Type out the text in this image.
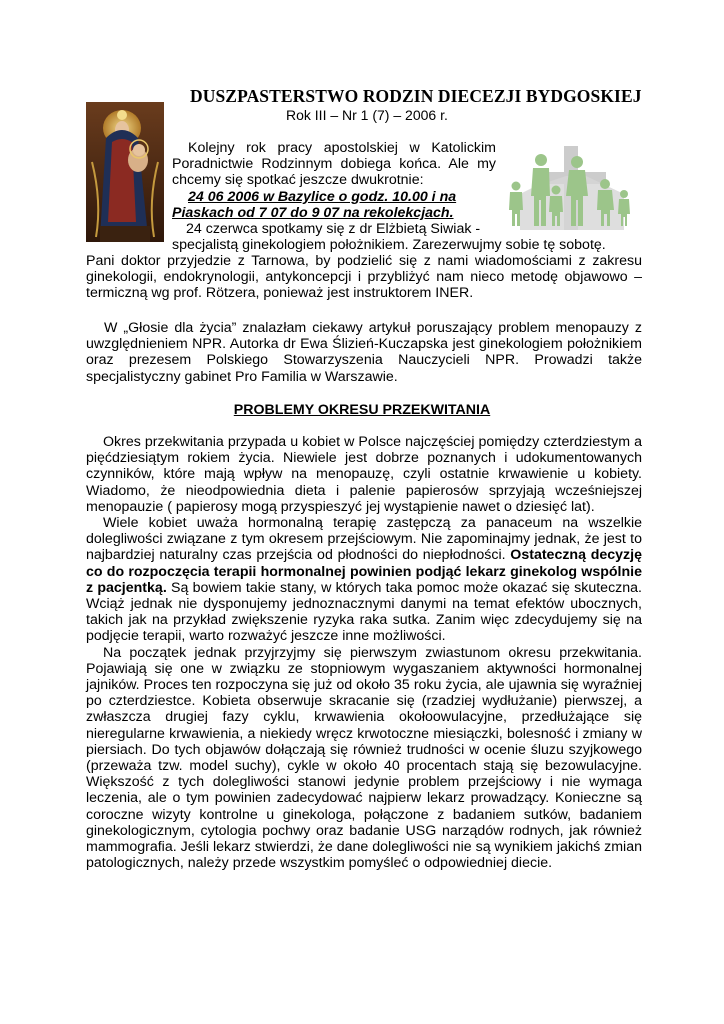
DUSZPASTERSTWO RODZIN DIECEZJI BYDGOSKIEJ
Rok III – Nr 1 (7) – 2006 r.

Kolejny rok pracy apostolskiej w Katolickim Poradnictwie Rodzinnym dobiega końca. Ale my chcemy się spotkać jeszcze dwukrotnie:

24 06 2006 w Bazylice o godz. 10.00 i na
Piaskach od 7 07 do 9 07 na rekolekcjach.

24 czerwca spotkamy się z dr Elżbietą Siwiak -

specjalistą ginekologiem położnikiem. Zarezerwujmy sobie tę sobotę.

Pani doktor przyjedzie z Tarnowa, by podzielić się z nami wiadomościami z zakresu

ginekologii, endokrynologii, antykoncepcji i przybliżyć nam nieco metodę objawowo – termiczną wg prof. Rötzera, ponieważ jest instruktorem INER.

W „Głosie dla życia” znalazłam ciekawy artykuł poruszający problem menopauzy z uwzględnieniem NPR. Autorka dr Ewa Ślizień-Kuczapska jest ginekologiem położnikiem oraz prezesem Polskiego Stowarzyszenia Nauczycieli NPR. Prowadzi także specjalistyczny gabinet Pro Familia w Warszawie.

PROBLEMY OKRESU PRZEKWITANIA

Okres przekwitania przypada u kobiet w Polsce najczęściej pomiędzy czterdziestym a pięćdziesiątym rokiem życia. Niewiele jest dobrze poznanych i udokumentowanych czynników, które mają wpływ na menopauzę, czyli ostatnie krwawienie u kobiety. Wiadomo, że nieodpowiednia dieta i palenie papierosów sprzyjają wcześniejszej menopauzie ( papierosy mogą przyspieszyć jej wystąpienie nawet o dziesięć lat).

Wiele kobiet uważa hormonalną terapię zastępczą za panaceum na wszelkie dolegliwości związane z tym okresem przejściowym. Nie zapominajmy jednak, że jest to najbardziej naturalny czas przejścia od płodności do niepłodności. Ostateczną decyzję co do rozpoczęcia terapii hormonalnej powinien podjąć lekarz ginekolog wspólnie z pacjentką. Są bowiem takie stany, w których taka pomoc może okazać się skuteczna. Wciąż jednak nie dysponujemy jednoznacznymi danymi na temat efektów ubocznych, takich jak na przykład zwiększenie ryzyka raka sutka. Zanim więc zdecydujemy się na podjęcie terapii, warto rozważyć jeszcze inne możliwości.

Na początek jednak przyjrzyjmy się pierwszym zwiastunom okresu przekwitania. Pojawiają się one w związku ze stopniowym wygaszaniem aktywności hormonalnej jajników. Proces ten rozpoczyna się już od około 35 roku życia, ale ujawnia się wyraźniej po czterdziestce. Kobieta obserwuje skracanie się (rzadziej wydłużanie) pierwszej, a zwłaszcza drugiej fazy cyklu, krwawienia okołoowulacyjne, przedłużające się nieregularne krwawienia, a niekiedy wręcz krwotoczne miesiączki, bolesność i zmiany w piersiach. Do tych objawów dołączają się również trudności w ocenie śluzu szyjkowego (przeważa tzw. model suchy), cykle w około 40 procentach stają się bezowulacyjne. Większość z tych dolegliwości stanowi jedynie problem przejściowy i nie wymaga leczenia, ale o tym powinien zadecydować najpierw lekarz prowadzący. Konieczne są coroczne wizyty kontrolne u ginekologa, połączone z badaniem sutków, badaniem ginekologicznym, cytologia pochwy oraz badanie USG narządów rodnych, jak również mammografia. Jeśli lekarz stwierdzi, że dane dolegliwości nie są wynikiem jakichś zmian patologicznych, należy przede wszystkim pomyśleć o odpowiedniej diecie.
